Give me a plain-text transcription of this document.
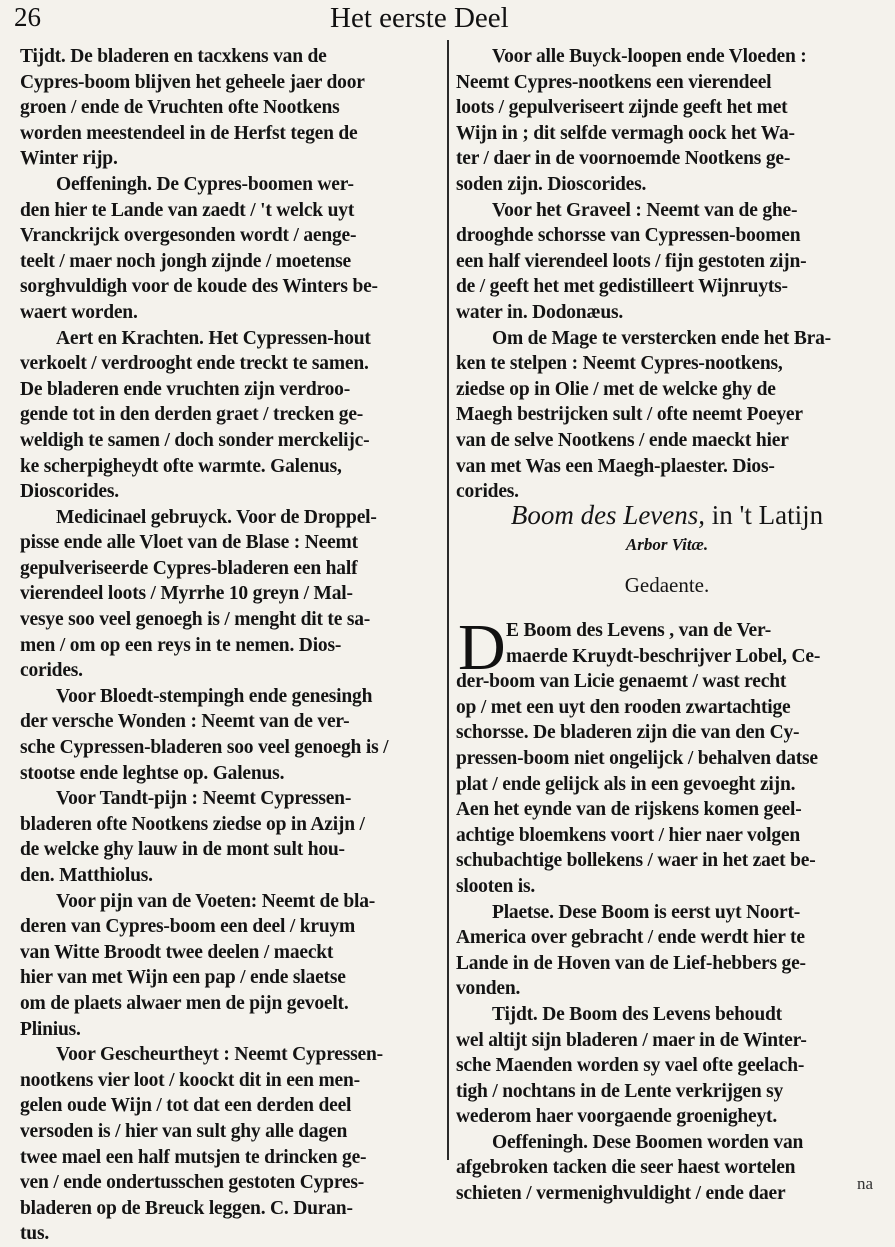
26	Het eerste Deel
Tijdt. De bladeren en tacxkens van de
Cypres-boom blijven het geheele jaer door
groen / ende de Vruchten ofte Nootkens
worden meestendeel in de Herfst tegen de
Winter rijp.
Oeffeningh. De Cypres-boomen wer-
den hier te Lande van zaedt / 't welck uyt
Vranckrijck overgesonden wordt / aenge-
teelt / maer noch jongh zijnde / moetense
sorghvuldigh voor de koude des Winters be-
waert worden.
Aert en Krachten. Het Cypressen-hout
verkoelt / verdrooght ende treckt te samen.
De bladeren ende vruchten zijn verdroo-
gende tot in den derden graet / trecken ge-
weldigh te samen / doch sonder merckelijc-
ke scherpigheydt ofte warmte. Galenus,
Dioscorides.
Medicinael gebruyck. Voor de Droppel-
pisse ende alle Vloet van de Blase : Neemt
gepulveriseerde Cypres-bladeren een half
vierendeel loots / Myrrhe 10 greyn / Mal-
vesye soo veel genoegh is / menght dit te sa-
men / om op een reys in te nemen. Dios-
corides.
Voor Bloedt-stempingh ende genesingh
der versche Wonden : Neemt van de ver-
sche Cypressen-bladeren soo veel genoegh is /
stootse ende leghtse op. Galenus.
Voor Tandt-pijn : Neemt Cypressen-
bladeren ofte Nootkens ziedse op in Azijn /
de welcke ghy lauw in de mont sult hou-
den. Matthiolus.
Voor pijn van de Voeten: Neemt de bla-
deren van Cypres-boom een deel / kruym
van Witte Broodt twee deelen / maeckt
hier van met Wijn een pap / ende slaetse
om de plaets alwaer men de pijn gevoelt.
Plinius.
Voor Gescheurtheyt : Neemt Cypressen-
nootkens vier loot / koockt dit in een men-
gelen oude Wijn / tot dat een derden deel
versoden is / hier van sult ghy alle dagen
twee mael een half mutsjen te drincken ge-
ven / ende ondertusschen gestoten Cypres-
bladeren op de Breuck leggen. C. Duran-
tus.
Voor alle Buyck-loopen ende Vloeden :
Neemt Cypres-nootkens een vierendeel
loots / gepulveriseert zijnde geeft het met
Wijn in ; dit selfde vermagh oock het Wa-
ter / daer in de voornoemde Nootkens ge-
soden zijn. Dioscorides.
Voor het Graveel : Neemt van de ghe-
drooghde schorsse van Cypressen-boomen
een half vierendeel loots / fijn gestoten zijn-
de / geeft het met gedistilleert Wijnruyts-
water in. Dodonæus.
Om de Mage te verstercken ende het Bra-
ken te stelpen : Neemt Cypres-nootkens,
ziedse op in Olie / met de welcke ghy de
Maegh bestrijcken sult / ofte neemt Poeyer
van de selve Nootkens / ende maeckt hier
van met Was een Maegh-plaester. Dios-
corides.
Boom des Levens, in 't Latijn
Arbor Vitæ.
Gedaente.
D E Boom des Levens , van de Ver-
maerde Kruydt-beschrijver Lobel, Ce-
der-boom van Licie genaemt / wast recht
op / met een uyt den rooden zwartachtige
schorsse. De bladeren zijn die van den Cy-
pressen-boom niet ongelijck / behalven datse
plat / ende gelijck als in een gevoeght zijn.
Aen het eynde van de rijskens komen geel-
achtige bloemkens voort / hier naer volgen
schubachtige bollekens / waer in het zaet be-
slooten is.
Plaetse. Dese Boom is eerst uyt Noort-
America over gebracht / ende werdt hier te
Lande in de Hoven van de Lief-hebbers ge-
vonden.
Tijdt. De Boom des Levens behoudt
wel altijt sijn bladeren / maer in de Winter-
sche Maenden worden sy vael ofte geelach-
tigh / nochtans in de Lente verkrijgen sy
wederom haer voorgaende groenigheyt.
Oeffeningh. Dese Boomen worden van
afgebroken tacken die seer haest wortelen
schieten / vermenighvuldight / ende daer	na
